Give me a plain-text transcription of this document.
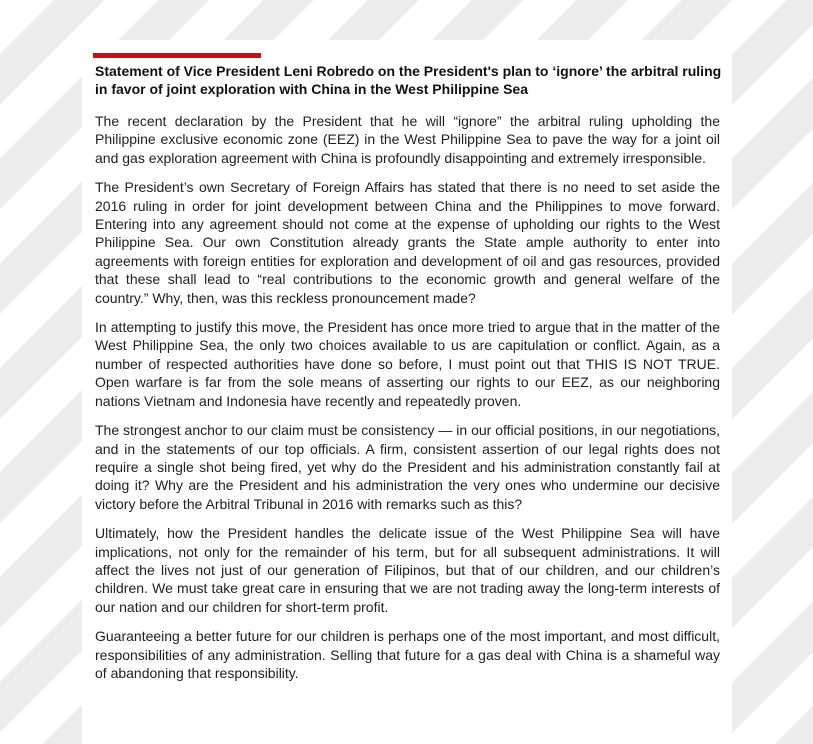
Statement of Vice President Leni Robredo on the President's plan to ‘ignore’ the arbitral ruling in favor of joint exploration with China in the West Philippine Sea

The recent declaration by the President that he will “ignore” the arbitral ruling upholding the Philippine exclusive economic zone (EEZ) in the West Philippine Sea to pave the way for a joint oil and gas exploration agreement with China is profoundly disappointing and extremely irresponsible.

The President’s own Secretary of Foreign Affairs has stated that there is no need to set aside the 2016 ruling in order for joint development between China and the Philippines to move forward. Entering into any agreement should not come at the expense of upholding our rights to the West Philippine Sea. Our own Constitution already grants the State ample authority to enter into agreements with foreign entities for exploration and development of oil and gas resources, provided that these shall lead to “real contributions to the economic growth and general welfare of the country.” Why, then, was this reckless pronouncement made?

In attempting to justify this move, the President has once more tried to argue that in the matter of the West Philippine Sea, the only two choices available to us are capitulation or conflict. Again, as a number of respected authorities have done so before, I must point out that THIS IS NOT TRUE. Open warfare is far from the sole means of asserting our rights to our EEZ, as our neighboring nations Vietnam and Indonesia have recently and repeatedly proven.

The strongest anchor to our claim must be consistency — in our official positions, in our negotiations, and in the statements of our top officials. A firm, consistent assertion of our legal rights does not require a single shot being fired, yet why do the President and his administration constantly fail at doing it? Why are the President and his administration the very ones who undermine our decisive victory before the Arbitral Tribunal in 2016 with remarks such as this?

Ultimately, how the President handles the delicate issue of the West Philippine Sea will have implications, not only for the remainder of his term, but for all subsequent administrations. It will affect the lives not just of our generation of Filipinos, but that of our children, and our children’s children. We must take great care in ensuring that we are not trading away the long-term interests of our nation and our children for short-term profit.

Guaranteeing a better future for our children is perhaps one of the most important, and most difficult, responsibilities of any administration. Selling that future for a gas deal with China is a shameful way of abandoning that responsibility.
